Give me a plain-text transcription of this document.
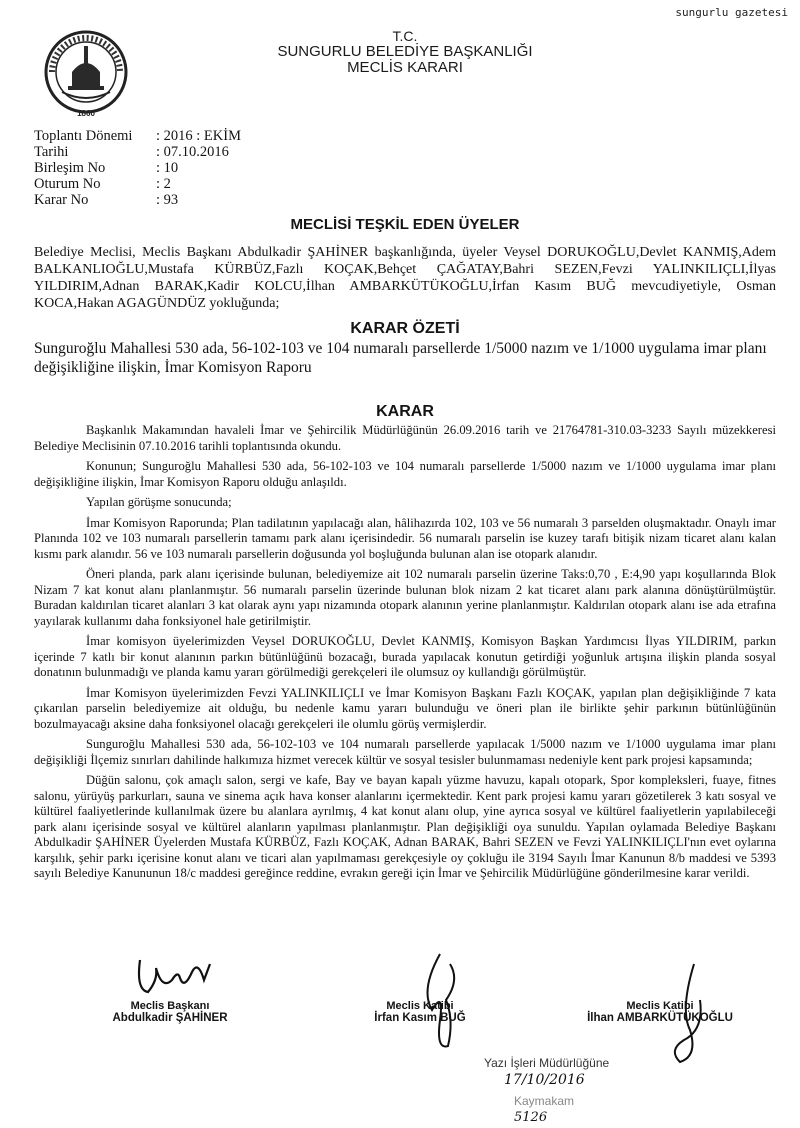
sungurlu gazetesi
1860
T.C.
SUNGURLU BELEDİYE BAŞKANLIĞI
MECLİS KARARI
Toplantı Dönemi	: 2016 : EKİM
Tarihi	: 07.10.2016
Birleşim No	: 10
Oturum No	: 2
Karar No	: 93
MECLİSİ TEŞKİL EDEN ÜYELER
Belediye Meclisi, Meclis Başkanı Abdulkadir ŞAHİNER başkanlığında, üyeler Veysel DORUKOĞLU,Devlet KANMIŞ,Adem BALKANLIOĞLU,Mustafa KÜRBÜZ,Fazlı KOÇAK,Behçet ÇAĞATAY,Bahri SEZEN,Fevzi YALINKILIÇLI,İlyas YILDIRIM,Adnan BARAK,Kadir KOLCU,İlhan AMBARKÜTÜKOĞLU,İrfan Kasım BUĞ mevcudiyetiyle, Osman KOCA,Hakan AGAGÜNDÜZ yokluğunda;
KARAR ÖZETİ
Sunguroğlu Mahallesi 530 ada, 56-102-103 ve 104 numaralı parsellerde 1/5000 nazım ve 1/1000 uygulama imar planı değişikliğine ilişkin, İmar Komisyon Raporu
KARAR

Başkanlık Makamından havaleli İmar ve Şehircilik Müdürlüğünün 26.09.2016 tarih ve 21764781-310.03-3233 Sayılı müzekkeresi Belediye Meclisinin 07.10.2016 tarihli toplantısında okundu.

Konunun; Sunguroğlu Mahallesi 530 ada, 56-102-103 ve 104 numaralı parsellerde 1/5000 nazım ve 1/1000 uygulama imar planı değişikliğine ilişkin, İmar Komisyon Raporu olduğu anlaşıldı.

Yapılan görüşme sonucunda;

İmar Komisyon Raporunda; Plan tadilatının yapılacağı alan, hâlihazırda 102, 103 ve 56 numaralı 3 parselden oluşmaktadır. Onaylı imar Planında 102 ve 103 numaralı parsellerin tamamı park alanı içerisindedir. 56 numaralı parselin ise kuzey tarafı bitişik nizam ticaret alanı kalan kısmı park alanıdır. 56 ve 103 numaralı parsellerin doğusunda yol boşluğunda bulunan alan ise otopark alanıdır.

Öneri planda, park alanı içerisinde bulunan, belediyemize ait 102 numaralı parselin üzerine Taks:0,70 , E:4,90 yapı koşullarında Blok Nizam 7 kat konut alanı planlanmıştır. 56 numaralı parselin üzerinde bulunan blok nizam 2 kat ticaret alanı park alanına dönüştürülmüştür. Buradan kaldırılan ticaret alanları 3 kat olarak aynı yapı nizamında otopark alanının yerine planlanmıştır. Kaldırılan otopark alanı ise ada etrafına yayılarak kullanımı daha fonksiyonel hale getirilmiştir.

İmar komisyon üyelerimizden Veysel DORUKOĞLU, Devlet KANMIŞ, Komisyon Başkan Yardımcısı İlyas YILDIRIM, parkın içerinde 7 katlı bir konut alanının parkın bütünlüğünü bozacağı, burada yapılacak konutun getirdiği yoğunluk artışına ilişkin planda sosyal donatının bulunmadığı ve planda kamu yararı görülmediği gerekçeleri ile olumsuz oy kullandığı görülmüştür.

İmar Komisyon üyelerimizden Fevzi YALINKILIÇLI ve İmar Komisyon Başkanı Fazlı KOÇAK, yapılan plan değişikliğinde 7 kata çıkarılan parselin belediyemize ait olduğu, bu nedenle kamu yararı bulunduğu ve öneri plan ile birlikte şehir parkının bütünlüğünün bozulmayacağı aksine daha fonksiyonel olacağı gerekçeleri ile olumlu görüş vermişlerdir.

Sunguroğlu Mahallesi 530 ada, 56-102-103 ve 104 numaralı parsellerde yapılacak 1/5000 nazım ve 1/1000 uygulama imar planı değişikliği İlçemiz sınırları dahilinde halkımıza hizmet verecek kültür ve sosyal tesisler bulunmaması nedeniyle kent park projesi kapsamında;

Düğün salonu, çok amaçlı salon, sergi ve kafe, Bay ve bayan kapalı yüzme havuzu, kapalı otopark, Spor kompleksleri, fuaye, fitnes salonu, yürüyüş parkurları, sauna ve sinema açık hava konser alanlarını içermektedir. Kent park projesi kamu yararı gözetilerek 3 katı sosyal ve kültürel faaliyetlerinde kullanılmak üzere bu alanlara ayrılmış, 4 kat konut alanı olup, yine ayrıca sosyal ve kültürel faaliyetlerin yapılabileceği park alanı içerisinde sosyal ve kültürel alanların yapılması planlanmıştır. Plan değişikliği oya sunuldu. Yapılan oylamada Belediye Başkanı Abdulkadir ŞAHİNER Üyelerden Mustafa KÜRBÜZ, Fazlı KOÇAK, Adnan BARAK, Bahri SEZEN ve Fevzi YALINKILIÇLI'nın evet oylarına karşılık, şehir parkı içerisine konut alanı ve ticari alan yapılmaması gerekçesiyle oy çokluğu ile 3194 Sayılı İmar Kanunun 8/b maddesi ve 5393 sayılı Belediye Kanununun 18/c maddesi gereğince reddine, evrakın gereği için İmar ve Şehircilik Müdürlüğüne gönderilmesine karar verildi.

Meclis Başkanı
Abdulkadir ŞAHİNER
Meclis Katibi
İrfan Kasım BUĞ
Meclis Katibi
İlhan AMBARKÜTÜKOĞLU
Yazı İşleri Müdürlüğüne
17/10/2016
Kaymakam
5126
